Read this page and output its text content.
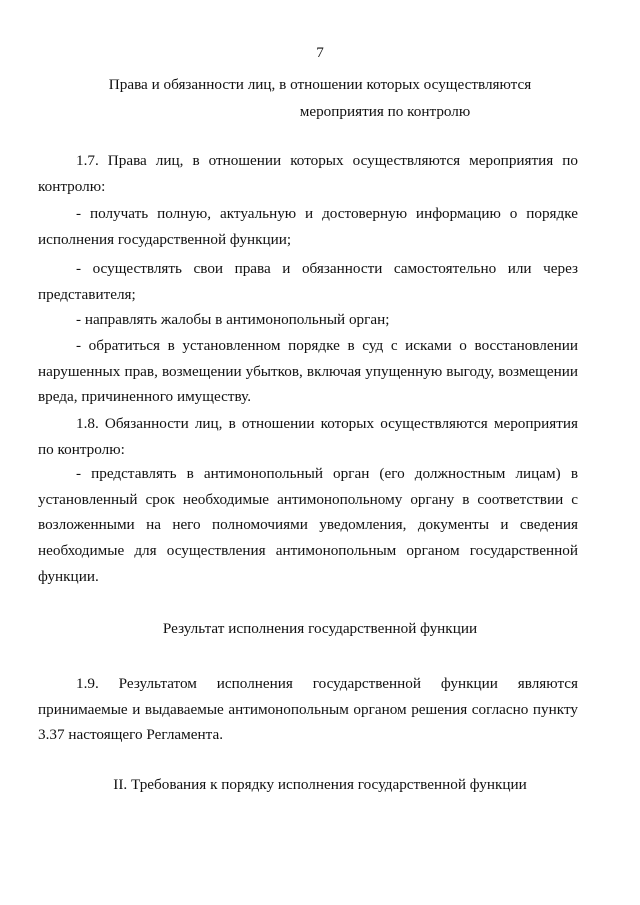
7
Права и обязанности лиц, в отношении которых осуществляются
мероприятия по контролю
1.7. Права лиц, в отношении которых осуществляются мероприятия по контролю:
- получать полную, актуальную и достоверную информацию о порядке исполнения государственной функции;
- осуществлять свои права и обязанности самостоятельно или через представителя;
- направлять жалобы в антимонопольный орган;
- обратиться в установленном порядке в суд с исками о восстановлении нарушенных прав, возмещении убытков, включая упущенную выгоду, возмещении вреда, причиненного имуществу.
1.8. Обязанности лиц, в отношении которых осуществляются мероприятия по контролю:
- представлять в антимонопольный орган (его должностным лицам) в установленный срок необходимые антимонопольному органу в соответствии с возложенными на него полномочиями уведомления, документы и сведения необходимые для осуществления антимонопольным органом государственной функции.
Результат исполнения государственной функции
1.9. Результатом исполнения государственной функции являются принимаемые и выдаваемые антимонопольным органом решения согласно пункту 3.37 настоящего Регламента.
II. Требования к порядку исполнения государственной функции
